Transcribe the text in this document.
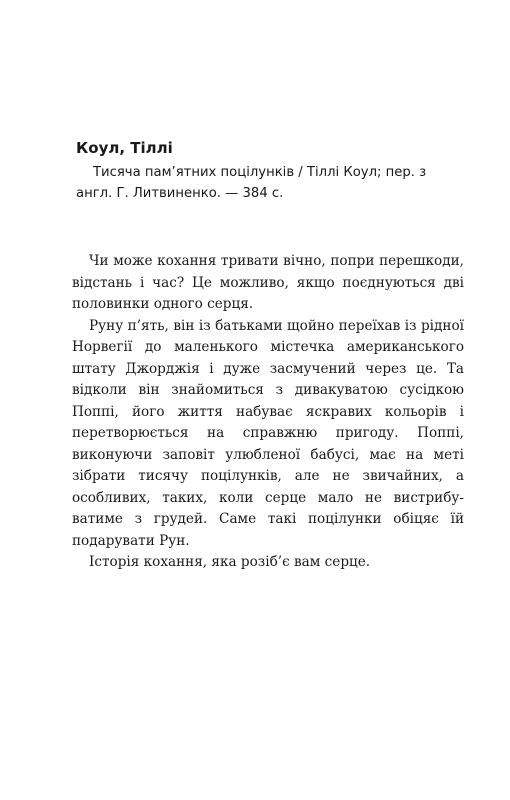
Коул, Тіллі

Тисяча пам’ятних поцілунків / Тіллі Коул; пер. з англ. Г. Литвиненко. — 384 с.

Чи може кохання тривати вічно, попри перешкоди, відстань і час? Це можливо, якщо поєднуються дві половинки одного серця.

Руну п’ять, він із батьками щойно переїхав із рідної Норвегії до маленького містечка американського штату Джорджія і дуже засмучений через це. Та відколи він знайомиться з дивакуватою сусідкою Поппі, його життя набуває яскравих кольорів і перетворюється на справжню пригоду. Поппі, виконуючи заповіт улюбленої бабусі, має на меті зібрати тисячу поцілунків, але не звичайних, а особливих, таких, коли серце мало не вистрибуватиме з грудей. Саме такі поцілунки обіцяє їй подарувати Рун.

Історія кохання, яка розіб’є вам серце.
